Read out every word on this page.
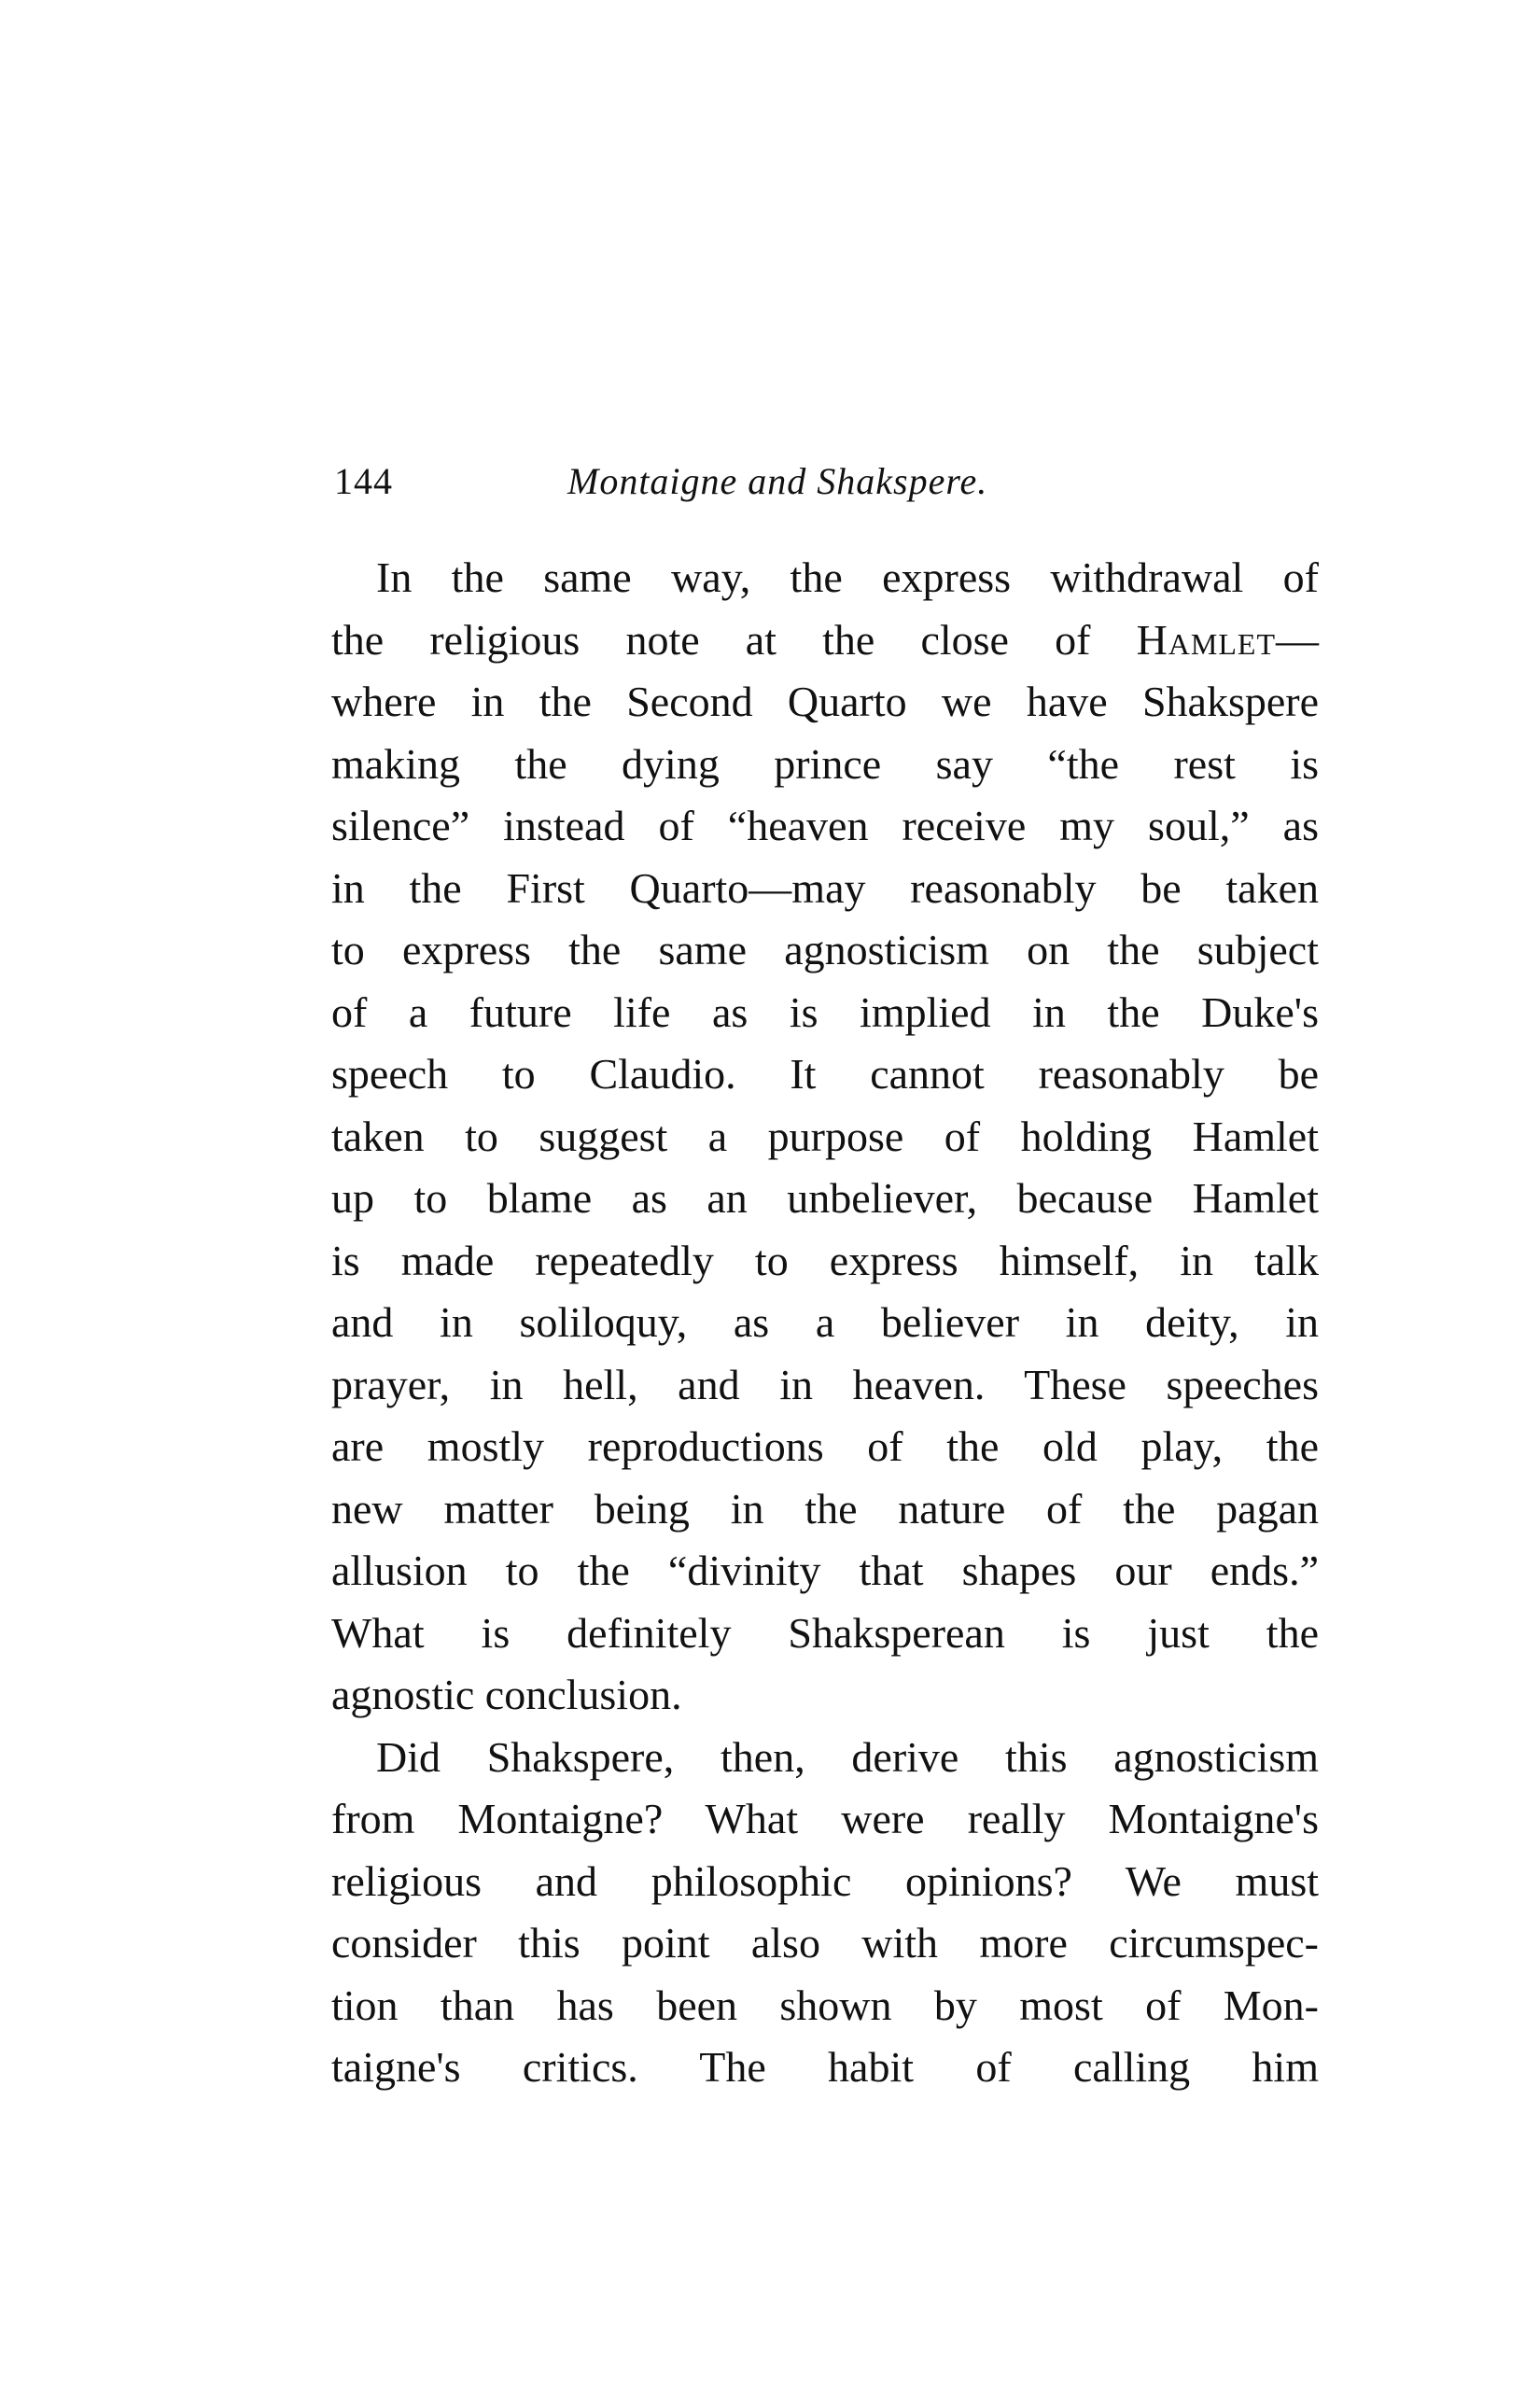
144	Montaigne and Shakspere.
In the same way, the express withdrawal of
the religious note at the close of Hamlet—
where in the Second Quarto we have Shakspere
making the dying prince say “the rest is
silence” instead of “heaven receive my soul,” as
in the First Quarto—may reasonably be taken
to express the same agnosticism on the subject
of a future life as is implied in the Duke's
speech to Claudio. It cannot reasonably be
taken to suggest a purpose of holding Hamlet
up to blame as an unbeliever, because Hamlet
is made repeatedly to express himself, in talk
and in soliloquy, as a believer in deity, in
prayer, in hell, and in heaven. These speeches
are mostly reproductions of the old play, the
new matter being in the nature of the pagan
allusion to the “divinity that shapes our ends.”
What is definitely Shaksperean is just the
agnostic conclusion.
Did Shakspere, then, derive this agnosticism
from Montaigne? What were really Montaigne's
religious and philosophic opinions? We must
consider this point also with more circumspec-
tion than has been shown by most of Mon-
taigne's critics. The habit of calling him
